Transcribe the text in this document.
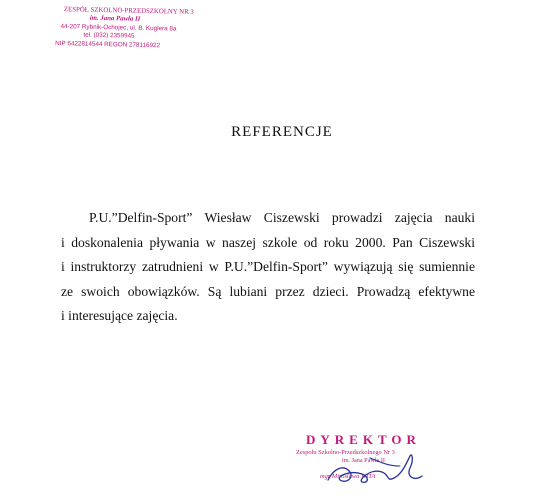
ZESPÓŁ SZKOLNO-PRZEDSZKOLNY NR 3
im. Jana Pawła II
44-207 Rybnik-Ochojec, ul. B. Kuglera 8a
tel. (032) 2359945
NIP 6422814544 REGON 278116922
REFERENCJE
P.U.”Delfin-Sport” Wiesław Ciszewski prowadzi zajęcia nauki
i doskonalenia pływania w naszej szkole od roku 2000. Pan Ciszewski
i instruktorzy zatrudnieni w P.U.”Delfin-Sport” wywiązują się sumiennie
ze swoich obowiązków. Są lubiani przez dzieci. Prowadzą efektywne
i interesujące zajęcia.
DYREKTOR
Zespołu Szkolno-Przedszkolnego Nr 3
im. Jana Pawła II
mgr Mirosława WITA
